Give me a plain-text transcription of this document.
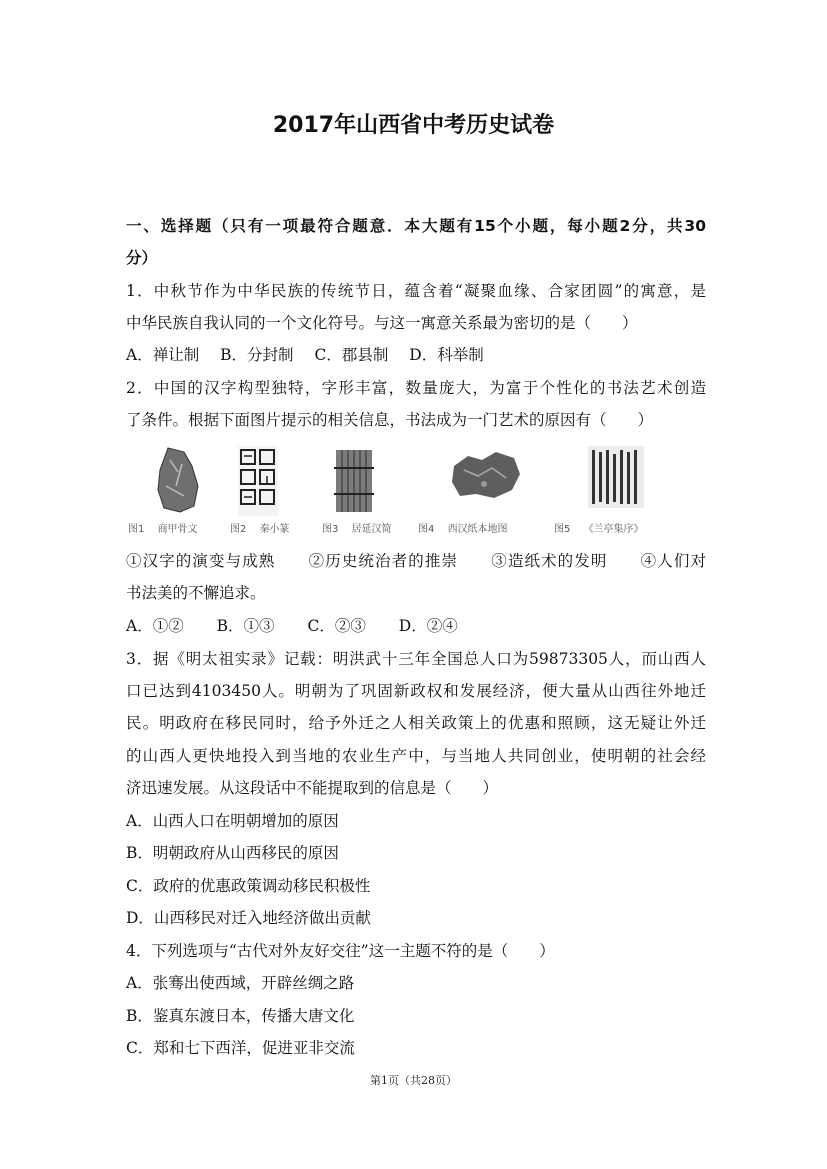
2017年山西省中考历史试卷
一、选择题（只有一项最符合题意．本大题有15个小题，每小题2分，共30
分）
1．中秋节作为中华民族的传统节日，蕴含着“凝聚血缘、合家团圆”的寓意，是
中华民族自我认同的一个文化符号。与这一寓意关系最为密切的是（　　）
A．禅让制 B．分封制 C．郡县制 D．科举制
2．中国的汉字构型独特，字形丰富，数量庞大，为富于个性化的书法艺术创造
了条件。根据下面图片提示的相关信息，书法成为一门艺术的原因有（　　）
图1　 商甲骨文	图2　 秦小篆	图3　 居延汉简	图4　 西汉纸本地图	图5　 《兰亭集序》
①汉字的演变与成熟　　②历史统治者的推崇　　③造纸术的发明　　④人们对
书法美的不懈追求。
A．①② B．①③ C．②③ D．②④
3．据《明太祖实录》记载：明洪武十三年全国总人口为59873305人，而山西人
口已达到4103450人。明朝为了巩固新政权和发展经济，便大量从山西往外地迁
民。明政府在移民同时，给予外迁之人相关政策上的优惠和照顾，这无疑让外迁
的山西人更快地投入到当地的农业生产中，与当地人共同创业，使明朝的社会经
济迅速发展。从这段话中不能提取到的信息是（　　）
A．山西人口在明朝增加的原因
B．明朝政府从山西移民的原因
C．政府的优惠政策调动移民积极性
D．山西移民对迁入地经济做出贡献
4．下列选项与“古代对外友好交往”这一主题不符的是（　　）
A．张骞出使西域，开辟丝绸之路
B．鉴真东渡日本，传播大唐文化
C．郑和七下西洋，促进亚非交流
第1页（共28页）
